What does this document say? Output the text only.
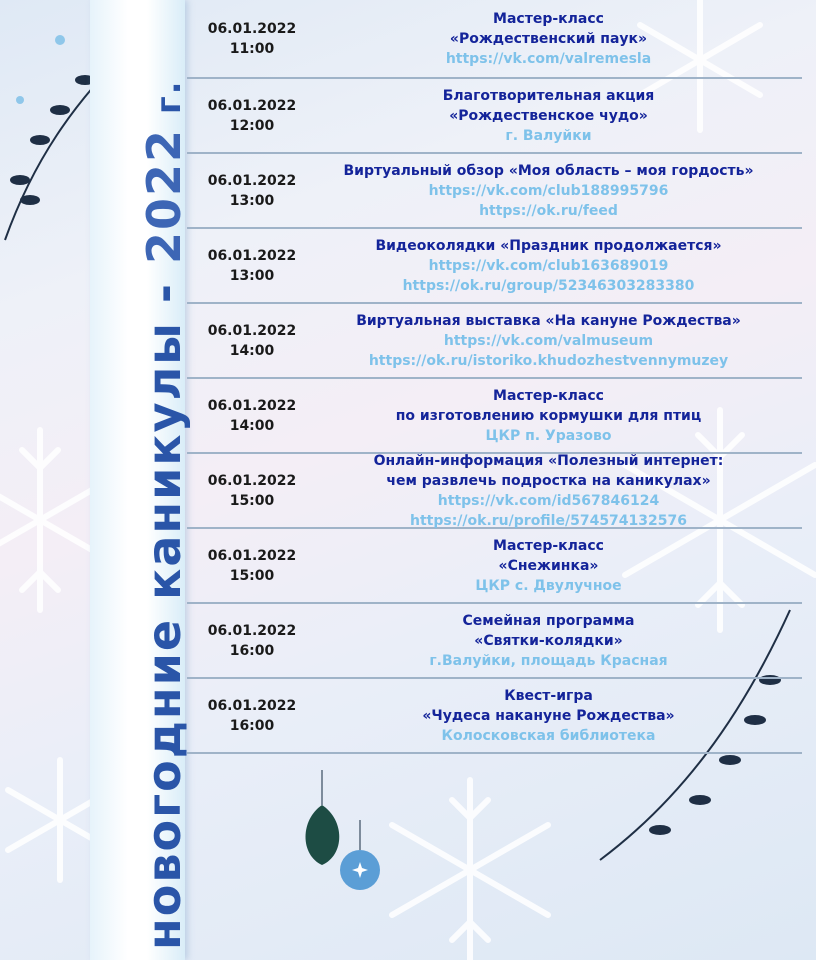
новогодние каникулы - 2022 г.
06.01.2022
11:00
Мастер-класс
«Рождественский паук»
https://vk.com/valremesla
06.01.2022
12:00
Благотворительная акция
«Рождественское чудо»
г. Валуйки
06.01.2022
13:00
Виртуальный обзор «Моя область – моя гордость»
https://vk.com/club188995796
https://ok.ru/feed
06.01.2022
13:00
Видеоколядки «Праздник продолжается»
https://vk.com/club163689019
https://ok.ru/group/52346303283380
06.01.2022
14:00
Виртуальная выставка «На кануне Рождества»
https://vk.com/valmuseum
https://ok.ru/istoriko.khudozhestvennymuzey
06.01.2022
14:00
Мастер-класс
по изготовлению кормушки для птиц
ЦКР п. Уразово
06.01.2022
15:00
Онлайн-информация «Полезный интернет:
чем развлечь подростка на каникулах»
https://vk.com/id567846124
https://ok.ru/profile/574574132576
06.01.2022
15:00
Мастер-класс
«Снежинка»
ЦКР с. Двулучное
06.01.2022
16:00
Семейная программа
«Святки-колядки»
г.Валуйки, площадь Красная
06.01.2022
16:00
Квест-игра
«Чудеса накануне Рождества»
Колосковская библиотека
